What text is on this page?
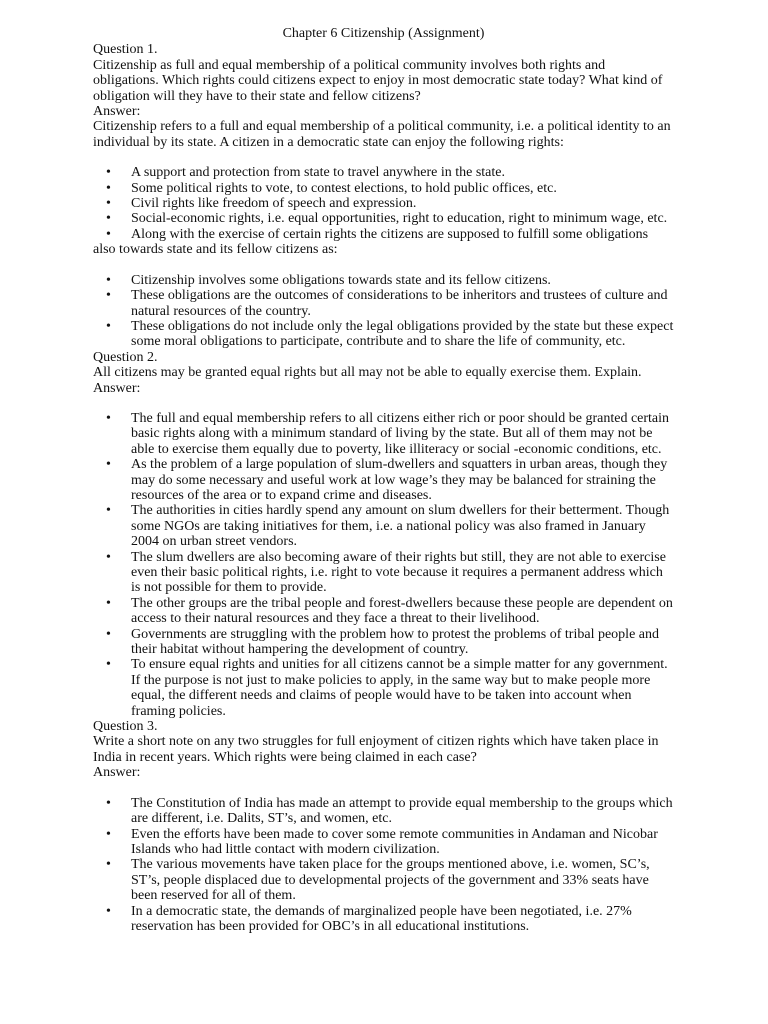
Chapter 6 Citizenship (Assignment)

Question 1.

Citizenship as full and equal membership of a political community involves both rights and obligations. Which rights could citizens expect to enjoy in most democratic state today? What kind of obligation will they have to their state and fellow citizens?

Answer:

Citizenship refers to a full and equal membership of a political community, i.e. a political identity to an individual by its state. A citizen in a democratic state can enjoy the following rights:

• A support and protection from state to travel anywhere in the state.
• Some political rights to vote, to contest elections, to hold public offices, etc.
• Civil rights like freedom of speech and expression.
• Social-economic rights, i.e. equal opportunities, right to education, right to minimum wage, etc.

• Along with the exercise of certain rights the citizens are supposed to fulfill some obligations also towards state and its fellow citizens as:

• Citizenship involves some obligations towards state and its fellow citizens.
• These obligations are the outcomes of considerations to be inheritors and trustees of culture and natural resources of the country.
• These obligations do not include only the legal obligations provided by the state but these expect some moral obligations to participate, contribute and to share the life of community, etc.

Question 2.

All citizens may be granted equal rights but all may not be able to equally exercise them. Explain.

Answer:

• The full and equal membership refers to all citizens either rich or poor should be granted certain basic rights along with a minimum standard of living by the state. But all of them may not be able to exercise them equally due to poverty, like illiteracy or social -economic conditions, etc.
• As the problem of a large population of slum-dwellers and squatters in urban areas, though they may do some necessary and useful work at low wage’s they may be balanced for straining the resources of the area or to expand crime and diseases.
• The authorities in cities hardly spend any amount on slum dwellers for their betterment. Though some NGOs are taking initiatives for them, i.e. a national policy was also framed in January 2004 on urban street vendors.
• The slum dwellers are also becoming aware of their rights but still, they are not able to exercise even their basic political rights, i.e. right to vote because it requires a permanent address which is not possible for them to provide.
• The other groups are the tribal people and forest-dwellers because these people are dependent on access to their natural resources and they face a threat to their livelihood.
• Governments are struggling with the problem how to protest the problems of tribal people and their habitat without hampering the development of country.
• To ensure equal rights and unities for all citizens cannot be a simple matter for any government. If the purpose is not just to make policies to apply, in the same way but to make people more equal, the different needs and claims of people would have to be taken into account when framing policies.

Question 3.

Write a short note on any two struggles for full enjoyment of citizen rights which have taken place in India in recent years. Which rights were being claimed in each case?

Answer:

• The Constitution of India has made an attempt to provide equal membership to the groups which are different, i.e. Dalits, ST’s, and women, etc.
• Even the efforts have been made to cover some remote communities in Andaman and Nicobar Islands who had little contact with modern civilization.
• The various movements have taken place for the groups mentioned above, i.e. women, SC’s, ST’s, people displaced due to developmental projects of the government and 33% seats have been reserved for all of them.
• In a democratic state, the demands of marginalized people have been negotiated, i.e. 27% reservation has been provided for OBC’s in all educational institutions.
